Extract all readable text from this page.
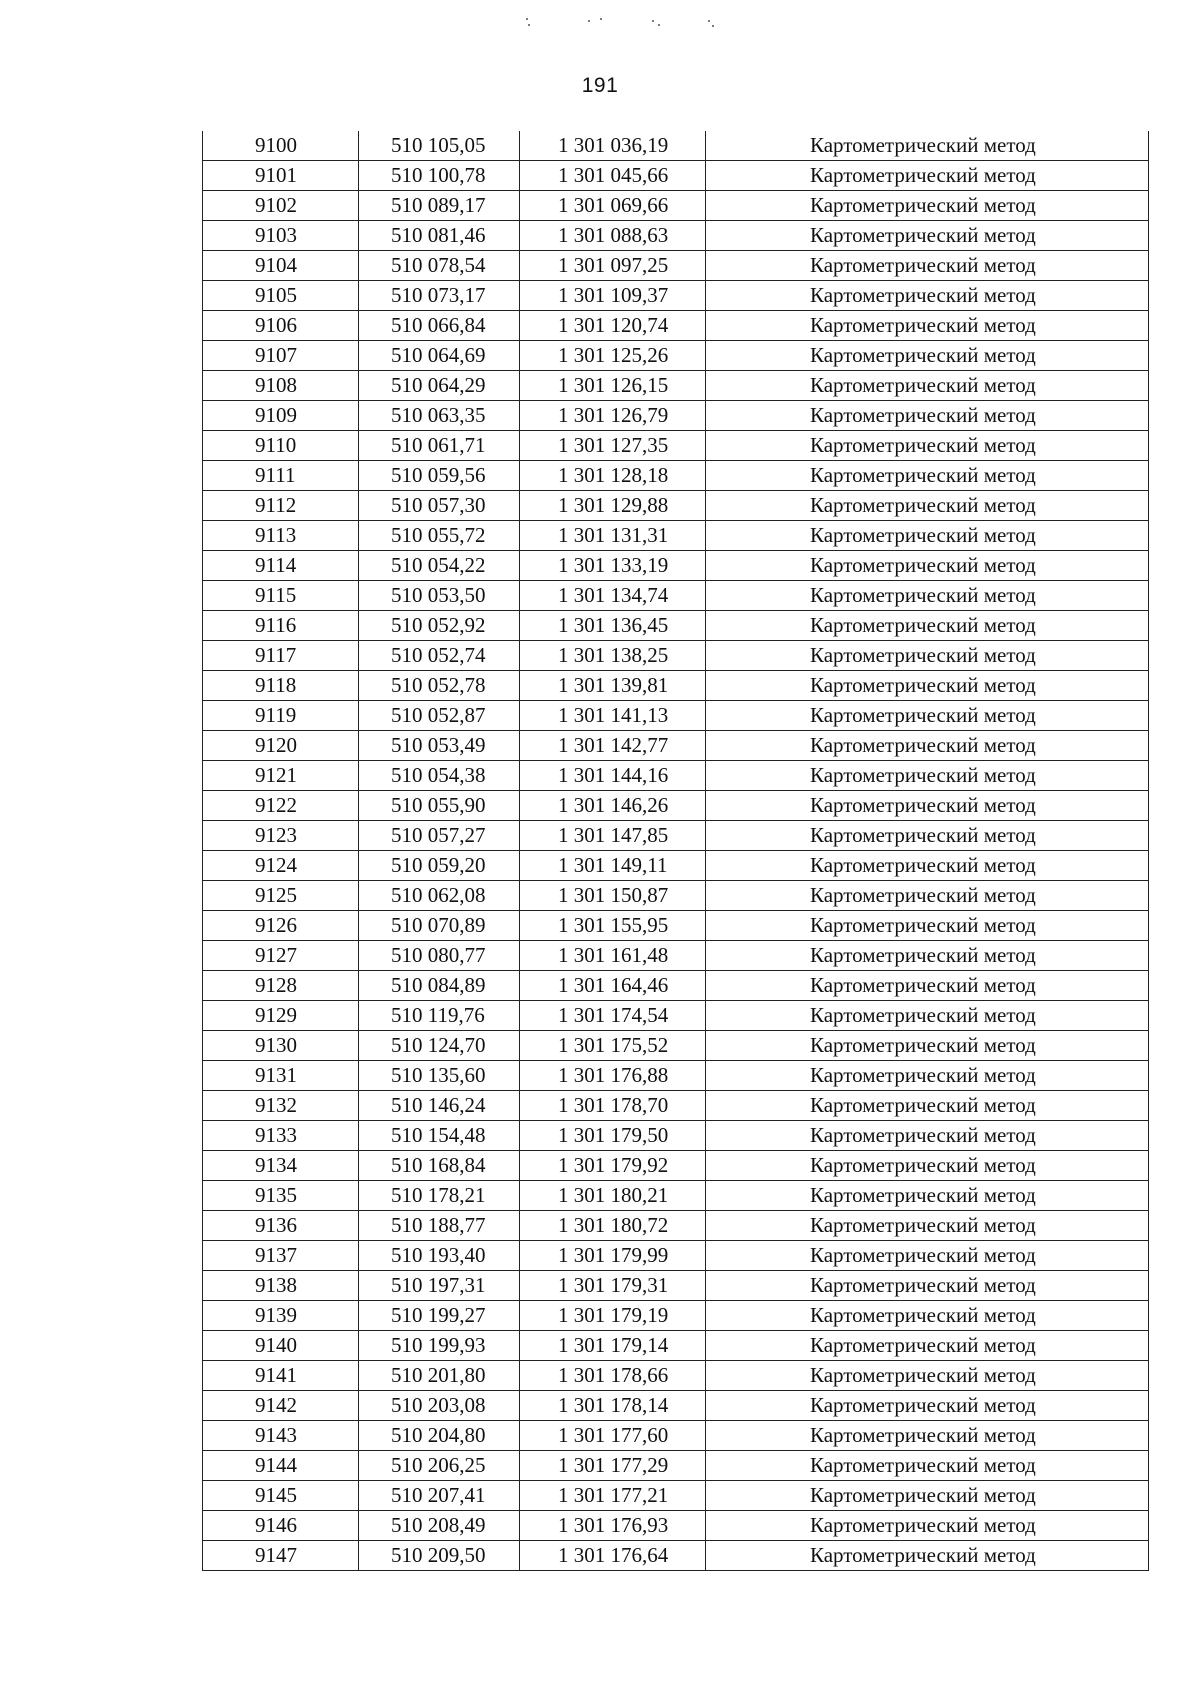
191
9100	510 105,05	1 301 036,19	Картометрический метод
9101	510 100,78	1 301 045,66	Картометрический метод
9102	510 089,17	1 301 069,66	Картометрический метод
9103	510 081,46	1 301 088,63	Картометрический метод
9104	510 078,54	1 301 097,25	Картометрический метод
9105	510 073,17	1 301 109,37	Картометрический метод
9106	510 066,84	1 301 120,74	Картометрический метод
9107	510 064,69	1 301 125,26	Картометрический метод
9108	510 064,29	1 301 126,15	Картометрический метод
9109	510 063,35	1 301 126,79	Картометрический метод
9110	510 061,71	1 301 127,35	Картометрический метод
9111	510 059,56	1 301 128,18	Картометрический метод
9112	510 057,30	1 301 129,88	Картометрический метод
9113	510 055,72	1 301 131,31	Картометрический метод
9114	510 054,22	1 301 133,19	Картометрический метод
9115	510 053,50	1 301 134,74	Картометрический метод
9116	510 052,92	1 301 136,45	Картометрический метод
9117	510 052,74	1 301 138,25	Картометрический метод
9118	510 052,78	1 301 139,81	Картометрический метод
9119	510 052,87	1 301 141,13	Картометрический метод
9120	510 053,49	1 301 142,77	Картометрический метод
9121	510 054,38	1 301 144,16	Картометрический метод
9122	510 055,90	1 301 146,26	Картометрический метод
9123	510 057,27	1 301 147,85	Картометрический метод
9124	510 059,20	1 301 149,11	Картометрический метод
9125	510 062,08	1 301 150,87	Картометрический метод
9126	510 070,89	1 301 155,95	Картометрический метод
9127	510 080,77	1 301 161,48	Картометрический метод
9128	510 084,89	1 301 164,46	Картометрический метод
9129	510 119,76	1 301 174,54	Картометрический метод
9130	510 124,70	1 301 175,52	Картометрический метод
9131	510 135,60	1 301 176,88	Картометрический метод
9132	510 146,24	1 301 178,70	Картометрический метод
9133	510 154,48	1 301 179,50	Картометрический метод
9134	510 168,84	1 301 179,92	Картометрический метод
9135	510 178,21	1 301 180,21	Картометрический метод
9136	510 188,77	1 301 180,72	Картометрический метод
9137	510 193,40	1 301 179,99	Картометрический метод
9138	510 197,31	1 301 179,31	Картометрический метод
9139	510 199,27	1 301 179,19	Картометрический метод
9140	510 199,93	1 301 179,14	Картометрический метод
9141	510 201,80	1 301 178,66	Картометрический метод
9142	510 203,08	1 301 178,14	Картометрический метод
9143	510 204,80	1 301 177,60	Картометрический метод
9144	510 206,25	1 301 177,29	Картометрический метод
9145	510 207,41	1 301 177,21	Картометрический метод
9146	510 208,49	1 301 176,93	Картометрический метод
9147	510 209,50	1 301 176,64	Картометрический метод
